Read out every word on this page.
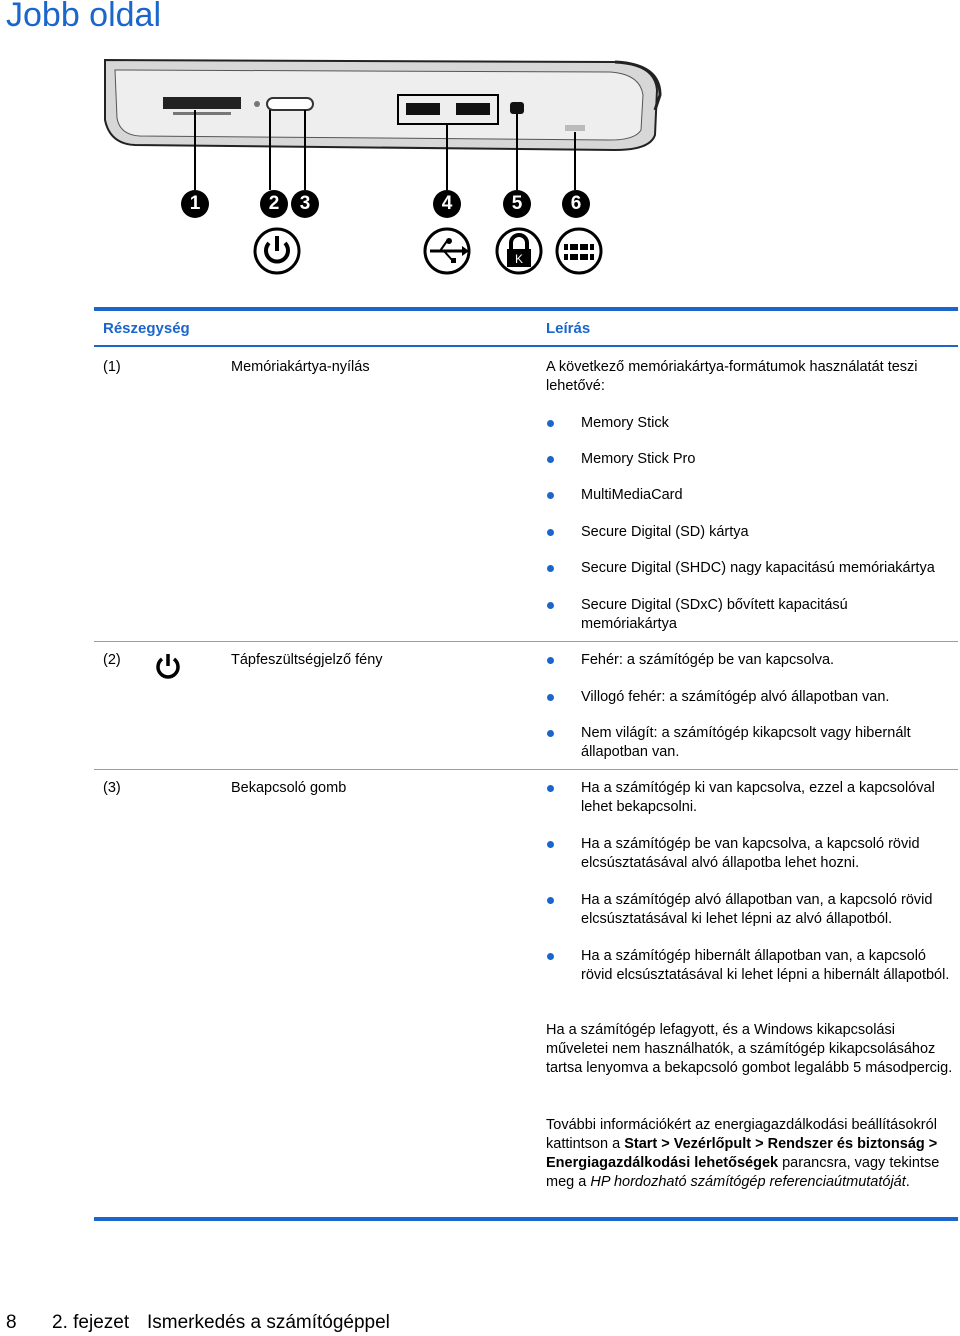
Jobb oldal
1	2	3	4	5	6
K
Részegység	Leírás
(1)	Memóriakártya-nyílás	A következő memóriakártya-formátumok használatát teszi lehetővé:
Memory Stick
Memory Stick Pro
MultiMediaCard
Secure Digital (SD) kártya
Secure Digital (SHDC) nagy kapacitású memóriakártya
Secure Digital (SDxC) bővített kapacitású memóriakártya
(2)	Tápfeszültségjelző fény	Fehér: a számítógép be van kapcsolva.
Villogó fehér: a számítógép alvó állapotban van.
Nem világít: a számítógép kikapcsolt vagy hibernált állapotban van.
(3)	Bekapcsoló gomb	Ha a számítógép ki van kapcsolva, ezzel a kapcsolóval lehet bekapcsolni.
Ha a számítógép be van kapcsolva, a kapcsoló rövid elcsúsztatásával alvó állapotba lehet hozni.
Ha a számítógép alvó állapotban van, a kapcsoló rövid elcsúsztatásával ki lehet lépni az alvó állapotból.
Ha a számítógép hibernált állapotban van, a kapcsoló rövid elcsúsztatásával ki lehet lépni a hibernált állapotból.
Ha a számítógép lefagyott, és a Windows kikapcsolási műveletei nem használhatók, a számítógép kikapcsolásához tartsa lenyomva a bekapcsoló gombot legalább 5 másodpercig.
További információkért az energiagazdálkodási beállításokról kattintson a Start > Vezérlőpult > Rendszer és biztonság > Energiagazdálkodási lehetőségek parancsra, vagy tekintse meg a HP hordozható számítógép referenciaútmutatóját.
8 2. fejezet Ismerkedés a számítógéppel
